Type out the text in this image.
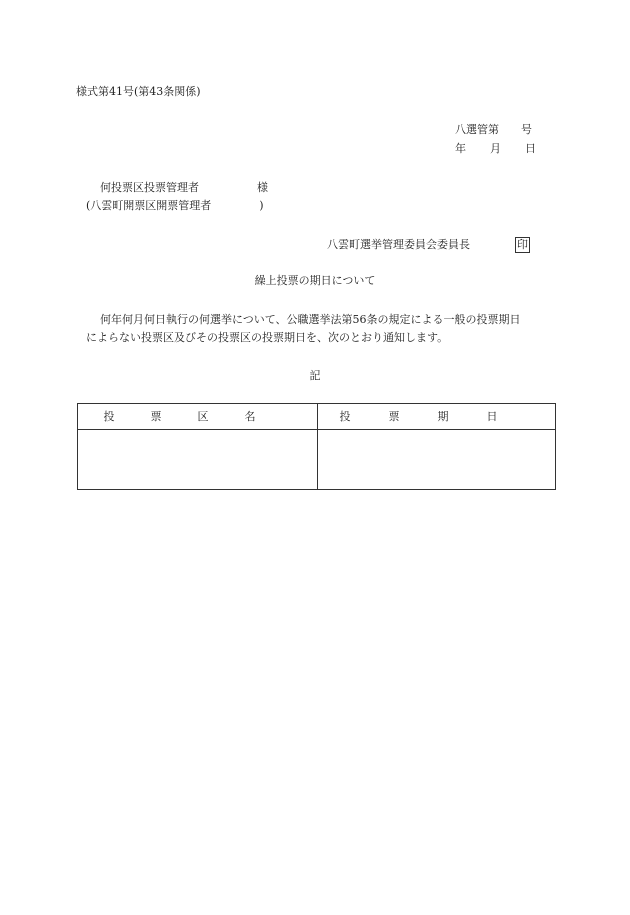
様式第41号(第43条関係)
八選管第 号
年 月 日
何投票区投票管理者	様
(八雲町開票区開票管理者	)
八雲町選挙管理委員会委員長	印
繰上投票の期日について
何年何月何日執行の何選挙について、公職選挙法第56条の規定による一般の投票期日
によらない投票区及びその投票区の投票期日を、次のとおり通知します。
記
投票区名	投票期日
